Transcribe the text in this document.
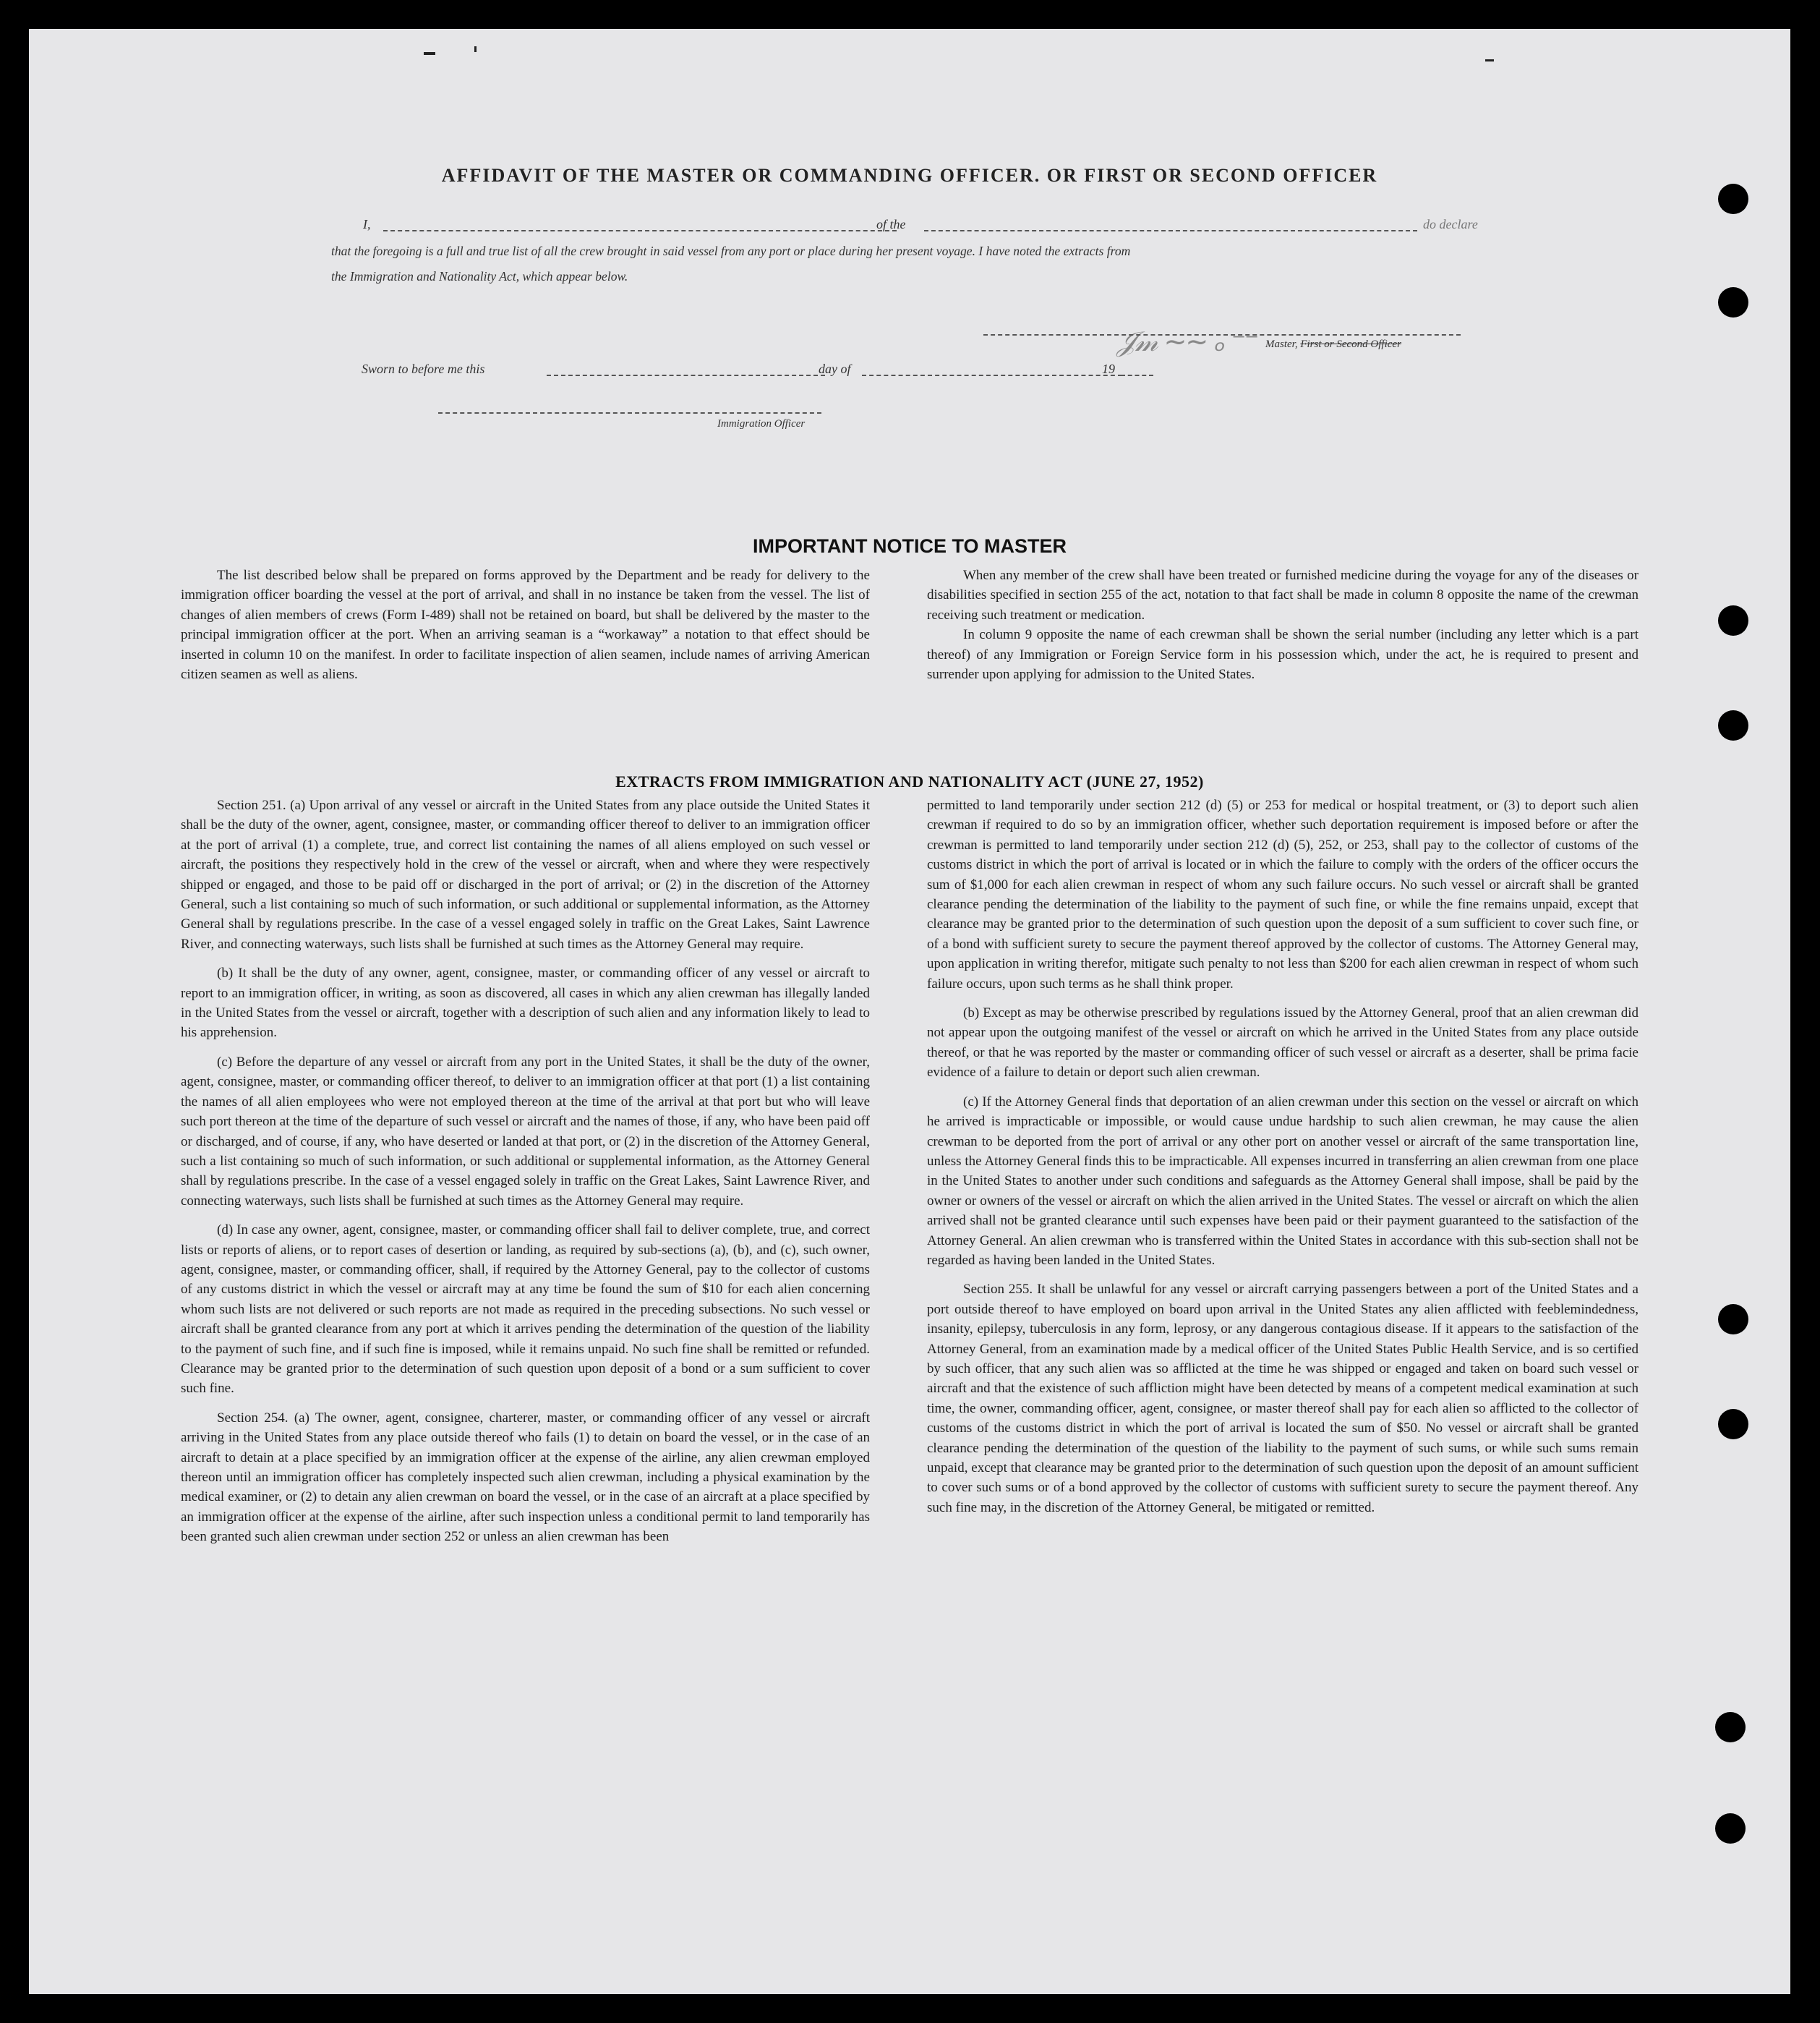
AFFIDAVIT OF THE MASTER OR COMMANDING OFFICER. OR FIRST OR SECOND OFFICER
I,	of the	do declare
that the foregoing is a full and true list of all the crew brought in said vessel from any port or place during her present voyage. I have noted the extracts from
the Immigration and Nationality Act, which appear below.
𝒥𝓂 ~~ ₒ ⁻⁻ Master, First or Second Officer
Sworn to before me this	day of	19
Immigration Officer
IMPORTANT NOTICE TO MASTER

The list described below shall be prepared on forms approved by the Department and be ready for delivery to the immigration officer boarding the vessel at the port of arrival, and shall in no instance be taken from the vessel. The list of changes of alien members of crews (Form I-489) shall not be retained on board, but shall be delivered by the master to the principal immigration officer at the port. When an arriving seaman is a “workaway” a notation to that effect should be inserted in column 10 on the manifest. In order to facilitate inspection of alien seamen, include names of arriving American citizen seamen as well as aliens.

When any member of the crew shall have been treated or furnished medicine during the voyage for any of the diseases or disabilities specified in section 255 of the act, notation to that fact shall be made in column 8 opposite the name of the crewman receiving such treatment or medication.

In column 9 opposite the name of each crewman shall be shown the serial number (including any letter which is a part thereof) of any Immigration or Foreign Service form in his possession which, under the act, he is required to present and surrender upon applying for admission to the United States.

EXTRACTS FROM IMMIGRATION AND NATIONALITY ACT (JUNE 27, 1952)

Section 251. (a) Upon arrival of any vessel or aircraft in the United States from any place outside the United States it shall be the duty of the owner, agent, consignee, master, or commanding officer thereof to deliver to an immigration officer at the port of arrival (1) a complete, true, and correct list containing the names of all aliens employed on such vessel or aircraft, the positions they respectively hold in the crew of the vessel or aircraft, when and where they were respectively shipped or engaged, and those to be paid off or discharged in the port of arrival; or (2) in the discretion of the Attorney General, such a list containing so much of such information, or such additional or supplemental information, as the Attorney General shall by regulations prescribe. In the case of a vessel engaged solely in traffic on the Great Lakes, Saint Lawrence River, and connecting waterways, such lists shall be furnished at such times as the Attorney General may require.

(b) It shall be the duty of any owner, agent, consignee, master, or commanding officer of any vessel or aircraft to report to an immigration officer, in writing, as soon as discovered, all cases in which any alien crewman has illegally landed in the United States from the vessel or aircraft, together with a description of such alien and any information likely to lead to his apprehension.

(c) Before the departure of any vessel or aircraft from any port in the United States, it shall be the duty of the owner, agent, consignee, master, or commanding officer thereof, to deliver to an immigration officer at that port (1) a list containing the names of all alien employees who were not employed thereon at the time of the arrival at that port but who will leave such port thereon at the time of the departure of such vessel or aircraft and the names of those, if any, who have been paid off or discharged, and of course, if any, who have deserted or landed at that port, or (2) in the discretion of the Attorney General, such a list containing so much of such information, or such additional or supplemental information, as the Attorney General shall by regulations prescribe. In the case of a vessel engaged solely in traffic on the Great Lakes, Saint Lawrence River, and connecting waterways, such lists shall be furnished at such times as the Attorney General may require.

(d) In case any owner, agent, consignee, master, or commanding officer shall fail to deliver complete, true, and correct lists or reports of aliens, or to report cases of desertion or landing, as required by sub-sections (a), (b), and (c), such owner, agent, consignee, master, or commanding officer, shall, if required by the Attorney General, pay to the collector of customs of any customs district in which the vessel or aircraft may at any time be found the sum of $10 for each alien concerning whom such lists are not delivered or such reports are not made as required in the preceding subsections. No such vessel or aircraft shall be granted clearance from any port at which it arrives pending the determination of the question of the liability to the payment of such fine, and if such fine is imposed, while it remains unpaid. No such fine shall be remitted or refunded. Clearance may be granted prior to the determination of such question upon deposit of a bond or a sum sufficient to cover such fine.

Section 254. (a) The owner, agent, consignee, charterer, master, or commanding officer of any vessel or aircraft arriving in the United States from any place outside thereof who fails (1) to detain on board the vessel, or in the case of an aircraft to detain at a place specified by an immigration officer at the expense of the airline, any alien crewman employed thereon until an immigration officer has completely inspected such alien crewman, including a physical examination by the medical examiner, or (2) to detain any alien crewman on board the vessel, or in the case of an aircraft at a place specified by an immigration officer at the expense of the airline, after such inspection unless a conditional permit to land temporarily has been granted such alien crewman under section 252 or unless an alien crewman has been

permitted to land temporarily under section 212 (d) (5) or 253 for medical or hospital treatment, or (3) to deport such alien crewman if required to do so by an immigration officer, whether such deportation requirement is imposed before or after the crewman is permitted to land temporarily under section 212 (d) (5), 252, or 253, shall pay to the collector of customs of the customs district in which the port of arrival is located or in which the failure to comply with the orders of the officer occurs the sum of $1,000 for each alien crewman in respect of whom any such failure occurs. No such vessel or aircraft shall be granted clearance pending the determination of the liability to the payment of such fine, or while the fine remains unpaid, except that clearance may be granted prior to the determination of such question upon the deposit of a sum sufficient to cover such fine, or of a bond with sufficient surety to secure the payment thereof approved by the collector of customs. The Attorney General may, upon application in writing therefor, mitigate such penalty to not less than $200 for each alien crewman in respect of whom such failure occurs, upon such terms as he shall think proper.

(b) Except as may be otherwise prescribed by regulations issued by the Attorney General, proof that an alien crewman did not appear upon the outgoing manifest of the vessel or aircraft on which he arrived in the United States from any place outside thereof, or that he was reported by the master or commanding officer of such vessel or aircraft as a deserter, shall be prima facie evidence of a failure to detain or deport such alien crewman.

(c) If the Attorney General finds that deportation of an alien crewman under this section on the vessel or aircraft on which he arrived is impracticable or impossible, or would cause undue hardship to such alien crewman, he may cause the alien crewman to be deported from the port of arrival or any other port on another vessel or aircraft of the same transportation line, unless the Attorney General finds this to be impracticable. All expenses incurred in transferring an alien crewman from one place in the United States to another under such conditions and safeguards as the Attorney General shall impose, shall be paid by the owner or owners of the vessel or aircraft on which the alien arrived in the United States. The vessel or aircraft on which the alien arrived shall not be granted clearance until such expenses have been paid or their payment guaranteed to the satisfaction of the Attorney General. An alien crewman who is transferred within the United States in accordance with this sub-section shall not be regarded as having been landed in the United States.

Section 255. It shall be unlawful for any vessel or aircraft carrying passengers between a port of the United States and a port outside thereof to have employed on board upon arrival in the United States any alien afflicted with feeblemindedness, insanity, epilepsy, tuberculosis in any form, leprosy, or any dangerous contagious disease. If it appears to the satisfaction of the Attorney General, from an examination made by a medical officer of the United States Public Health Service, and is so certified by such officer, that any such alien was so afflicted at the time he was shipped or engaged and taken on board such vessel or aircraft and that the existence of such affliction might have been detected by means of a competent medical examination at such time, the owner, commanding officer, agent, consignee, or master thereof shall pay for each alien so afflicted to the collector of customs of the customs district in which the port of arrival is located the sum of $50. No vessel or aircraft shall be granted clearance pending the determination of the question of the liability to the payment of such sums, or while such sums remain unpaid, except that clearance may be granted prior to the determination of such question upon the deposit of an amount sufficient to cover such sums or of a bond approved by the collector of customs with sufficient surety to secure the payment thereof. Any such fine may, in the discretion of the Attorney General, be mitigated or remitted.
